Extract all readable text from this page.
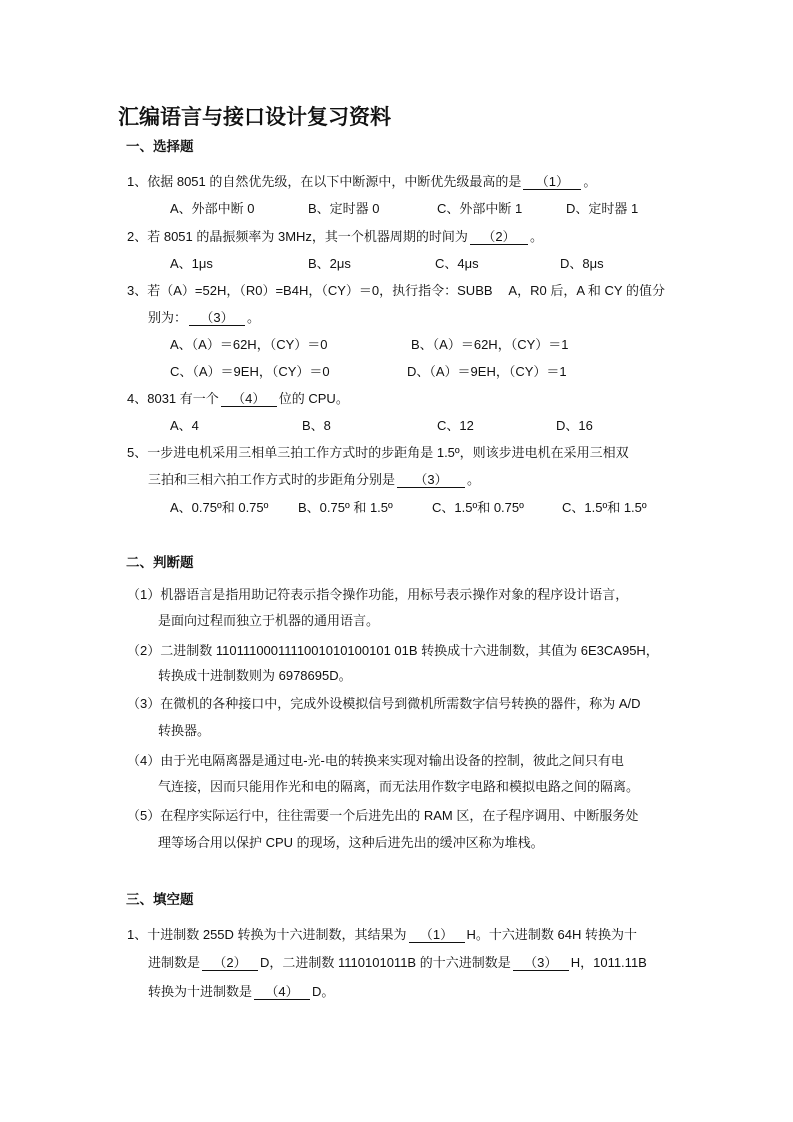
汇编语言与接口设计复习资料
一、选择题
1、依据 8051 的自然优先级，在以下中断源中，中断优先级最高的是 （1） 。
A、外部中断 0	B、定时器 0	C、外部中断 1	D、定时器 1
2、若 8051 的晶振频率为 3MHz，其一个机器周期的时间为 （2） 。
A、1μs	B、2μs	C、4μs	D、8μs
3、若（A）=52H，（R0）=B4H，（CY）＝0，执行指令：SUBB　 A，R0 后，A 和 CY 的值分
别为： （3） 。
A、（A）＝62H，（CY）＝0	B、（A）＝62H，（CY）＝1
C、（A）＝9EH，（CY）＝0	D、（A）＝9EH，（CY）＝1
4、8031 有一个 （4） 位的 CPU。
A、4	B、8	C、12	D、16
5、一步进电机采用三相单三拍工作方式时的步距角是 1.5º，则该步进电机在采用三相双
三拍和三相六拍工作方式时的步距角分别是 （3） 。
A、0.75º和 0.75º B、0.75º 和 1.5º	C、1.5º和 0.75º	C、1.5º和 1.5º
二、判断题
（1）机器语言是指用助记符表示指令操作功能，用标号表示操作对象的程序设计语言，
是面向过程而独立于机器的通用语言。
（2）二进制数 1101110001111001010100101 01B 转换成十六进制数，其值为 6E3CA95H，
转换成十进制数则为 6978695D。
（3）在微机的各种接口中，完成外设模拟信号到微机所需数字信号转换的器件，称为 A/D
转换器。
（4）由于光电隔离器是通过电-光-电的转换来实现对输出设备的控制，彼此之间只有电
气连接，因而只能用作光和电的隔离，而无法用作数字电路和模拟电路之间的隔离。
（5）在程序实际运行中，往往需要一个后进先出的 RAM 区，在子程序调用、中断服务处
理等场合用以保护 CPU 的现场，这种后进先出的缓冲区称为堆栈。
三、填空题
1、十进制数 255D 转换为十六进制数，其结果为 （1） H。十六进制数 64H 转换为十
进制数是 （2） D，二进制数 1110101011B 的十六进制数是 （3） H，1011.11B
转换为十进制数是 （4） D。
